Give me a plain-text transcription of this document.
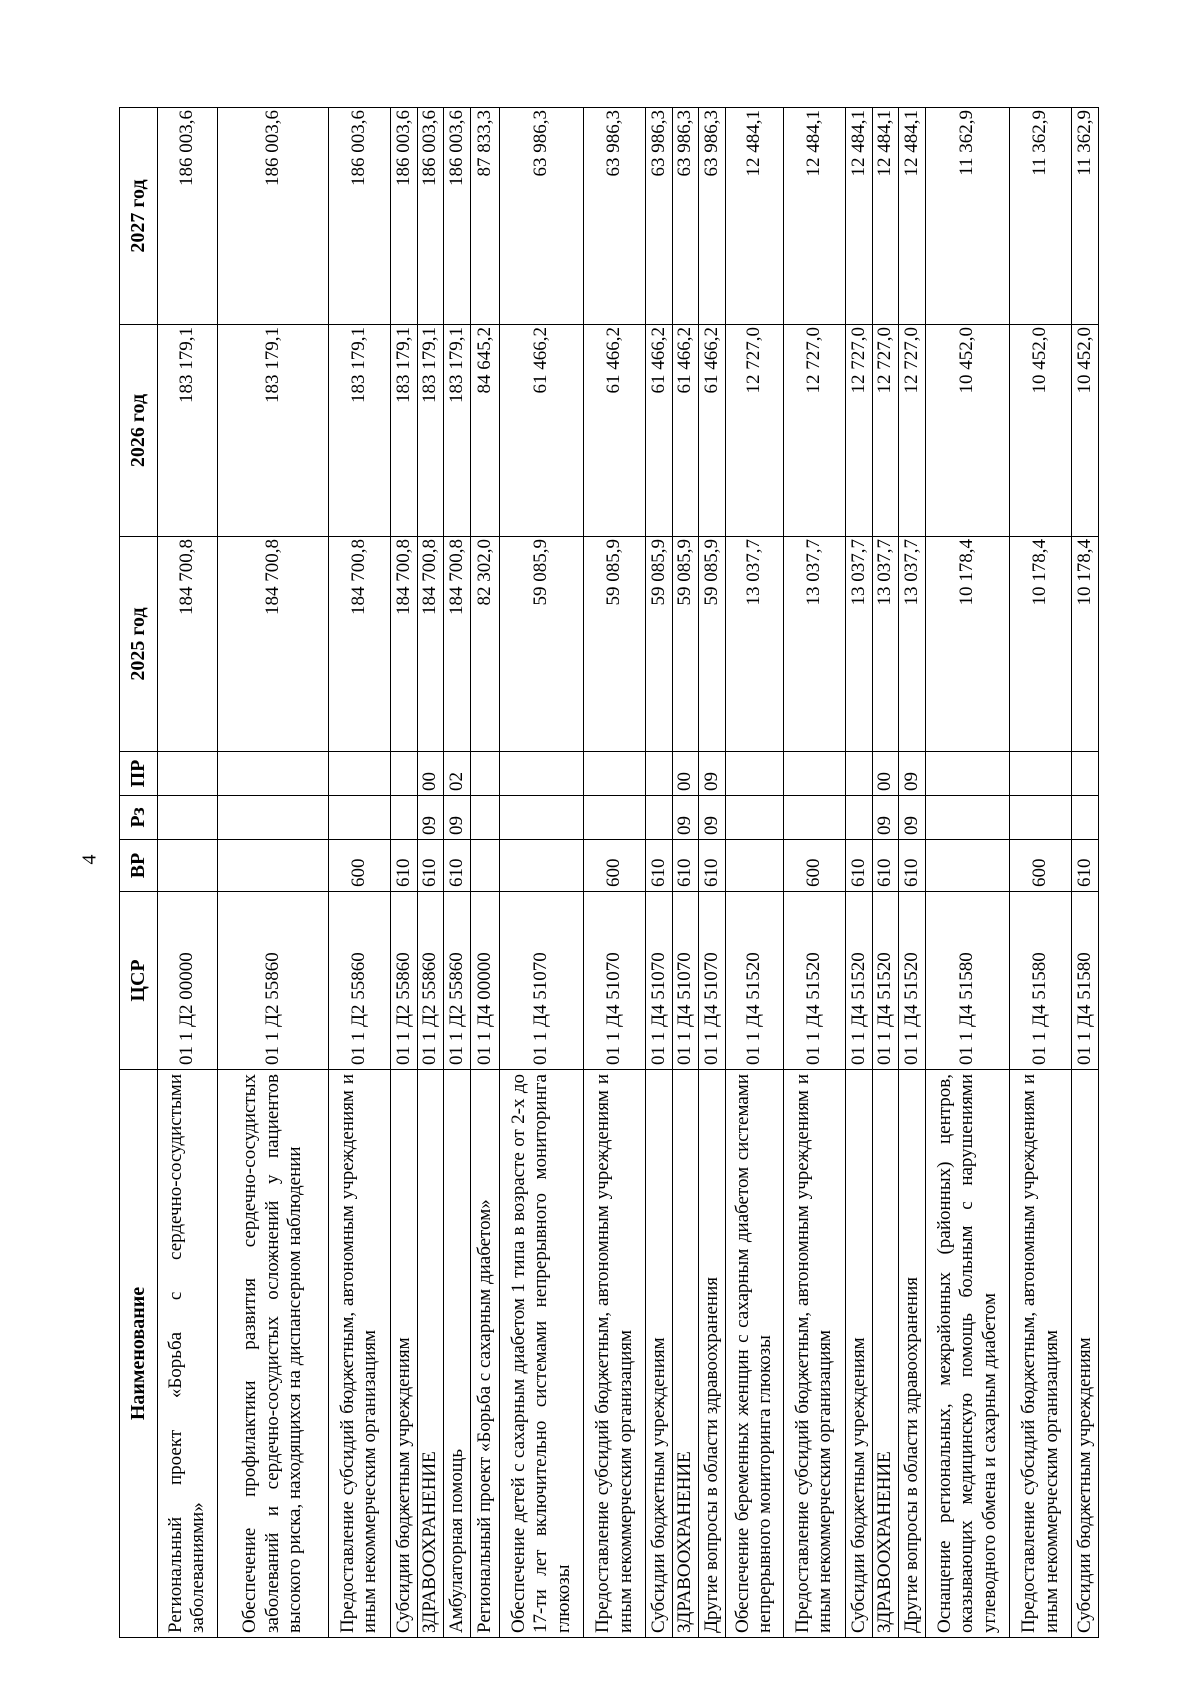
4
Наименование	ЦСР	ВР	Рз	ПР	2025 год	2026 год	2027 год
Региональный проект «Борьба с сердечно-сосудистыми заболеваниями»	01 1 Д2 00000				184 700,8	183 179,1	186 003,6
Обеспечение профилактики развития сердечно-сосудистых заболеваний и сердечно-сосудистых осложнений у пациентов высокого риска, находящихся на диспансерном наблюдении	01 1 Д2 55860				184 700,8	183 179,1	186 003,6
Предоставление субсидий бюджетным, автономным учреждениям и иным некоммерческим организациям	01 1 Д2 55860	600			184 700,8	183 179,1	186 003,6
Субсидии бюджетным учреждениям	01 1 Д2 55860	610			184 700,8	183 179,1	186 003,6
ЗДРАВООХРАНЕНИЕ	01 1 Д2 55860	610	09	00	184 700,8	183 179,1	186 003,6
Амбулаторная помощь	01 1 Д2 55860	610	09	02	184 700,8	183 179,1	186 003,6
Региональный проект «Борьба с сахарным диабетом»	01 1 Д4 00000				82 302,0	84 645,2	87 833,3
Обеспечение детей с сахарным диабетом 1 типа в возрасте от 2-х до 17-ти лет включительно системами непрерывного мониторинга глюкозы	01 1 Д4 51070				59 085,9	61 466,2	63 986,3
Предоставление субсидий бюджетным, автономным учреждениям и иным некоммерческим организациям	01 1 Д4 51070	600			59 085,9	61 466,2	63 986,3
Субсидии бюджетным учреждениям	01 1 Д4 51070	610			59 085,9	61 466,2	63 986,3
ЗДРАВООХРАНЕНИЕ	01 1 Д4 51070	610	09	00	59 085,9	61 466,2	63 986,3
Другие вопросы в области здравоохранения	01 1 Д4 51070	610	09	09	59 085,9	61 466,2	63 986,3
Обеспечение беременных женщин с сахарным диабетом системами непрерывного мониторинга глюкозы	01 1 Д4 51520				13 037,7	12 727,0	12 484,1
Предоставление субсидий бюджетным, автономным учреждениям и иным некоммерческим организациям	01 1 Д4 51520	600			13 037,7	12 727,0	12 484,1
Субсидии бюджетным учреждениям	01 1 Д4 51520	610			13 037,7	12 727,0	12 484,1
ЗДРАВООХРАНЕНИЕ	01 1 Д4 51520	610	09	00	13 037,7	12 727,0	12 484,1
Другие вопросы в области здравоохранения	01 1 Д4 51520	610	09	09	13 037,7	12 727,0	12 484,1
Оснащение региональных, межрайонных (районных) центров, оказывающих медицинскую помощь больным с нарушениями углеводного обмена и сахарным диабетом	01 1 Д4 51580				10 178,4	10 452,0	11 362,9
Предоставление субсидий бюджетным, автономным учреждениям и иным некоммерческим организациям	01 1 Д4 51580	600			10 178,4	10 452,0	11 362,9
Субсидии бюджетным учреждениям	01 1 Д4 51580	610			10 178,4	10 452,0	11 362,9
